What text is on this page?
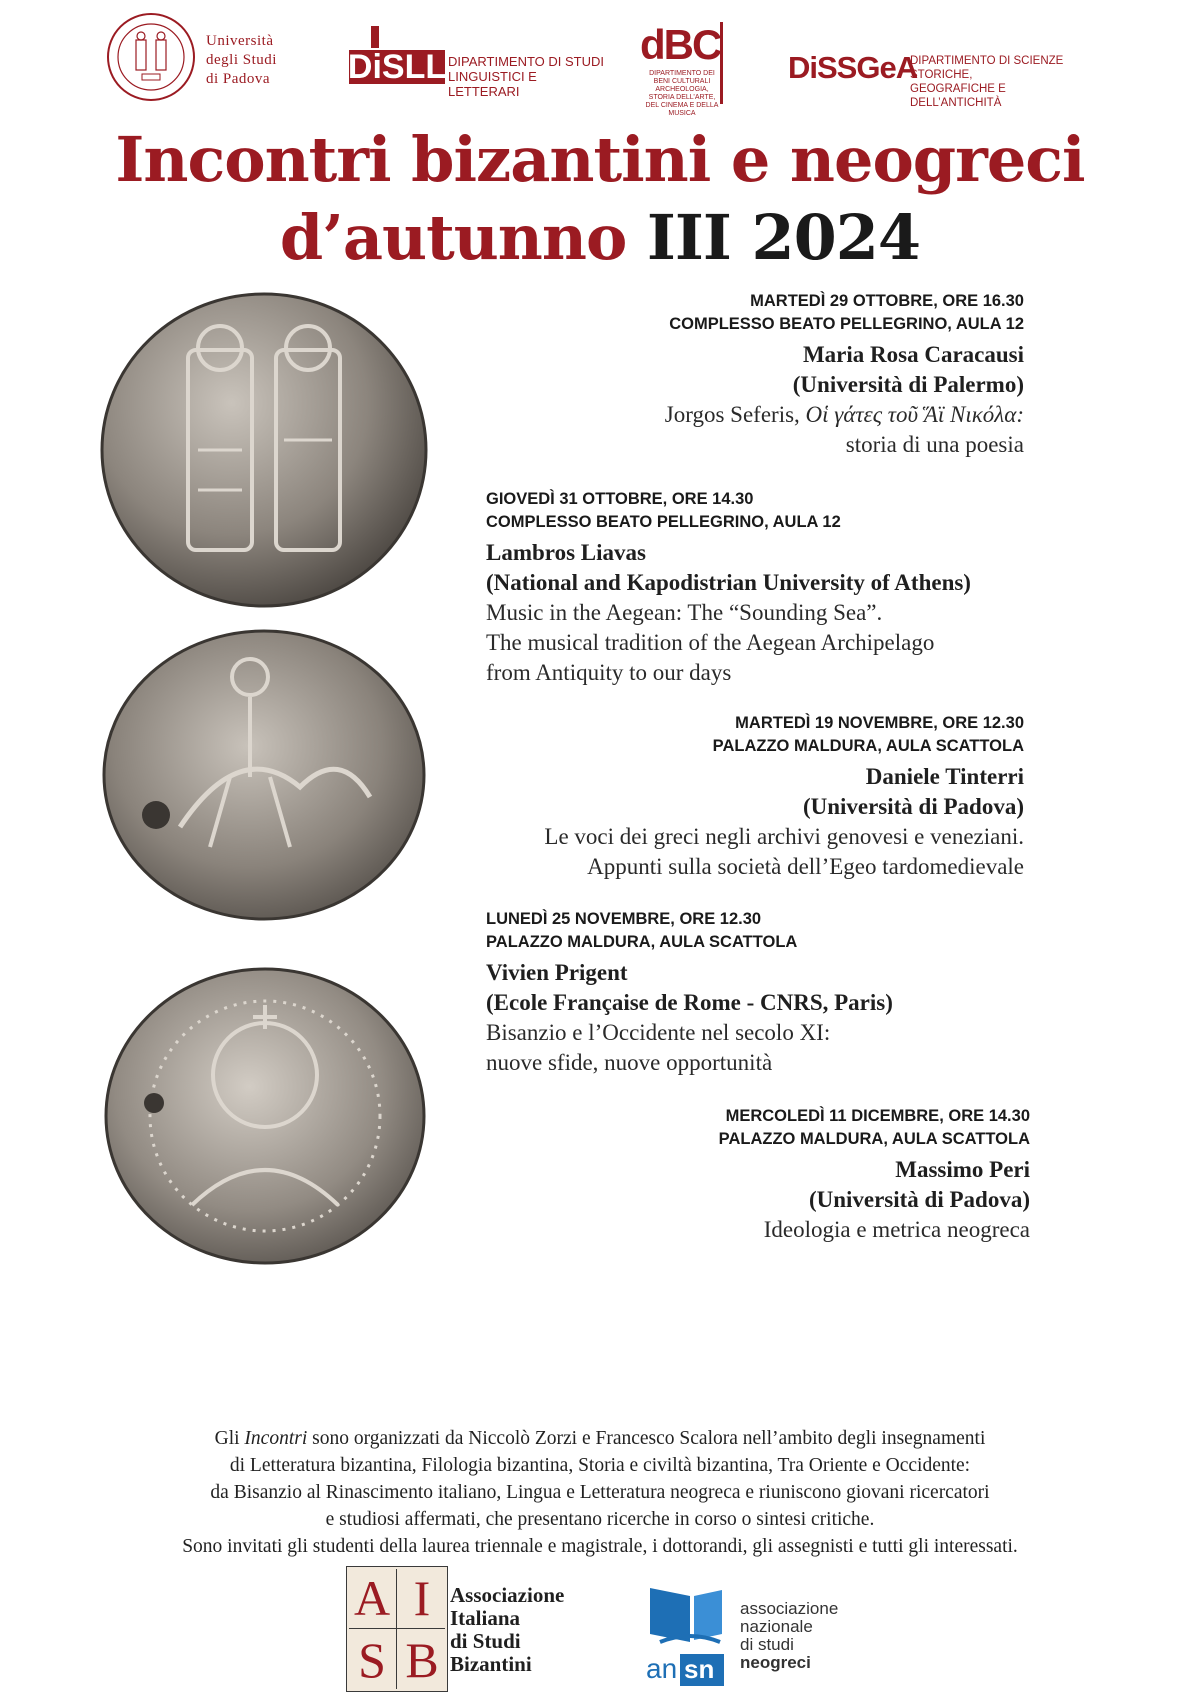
Università
degli Studi
di Padova	DiSLL DIPARTIMENTO DI STUDI
LINGUISTICI E LETTERARI
dBC
DIPARTIMENTO DEI BENI CULTURALI ARCHEOLOGIA, STORIA DELL’ARTE, DEL CINEMA E DELLA MUSICA
DiSSGeA
DIPARTIMENTO DI SCIENZE STORICHE,
GEOGRAFICHE E DELL’ANTICHITÀ
Incontri bizantini e neogreci
d’autunno III 2024
MARTEDÌ 29 OTTOBRE, ORE 16.30
COMPLESSO BEATO PELLEGRINO, AULA 12
Maria Rosa Caracausi
(Università di Palermo)
Jorgos Seferis, Οἱ γάτες τοῦ Ἅϊ Νικόλα:
storia di una poesia
GIOVEDÌ 31 OTTOBRE, ORE 14.30
COMPLESSO BEATO PELLEGRINO, AULA 12
Lambros Liavas
(National and Kapodistrian University of Athens)
Music in the Aegean: The “Sounding Sea”.
The musical tradition of the Aegean Archipelago
from Antiquity to our days
MARTEDÌ 19 NOVEMBRE, ORE 12.30
PALAZZO MALDURA, AULA SCATTOLA
Daniele Tinterri
(Università di Padova)
Le voci dei greci negli archivi genovesi e veneziani.
Appunti sulla società dell’Egeo tardomedievale
LUNEDÌ 25 NOVEMBRE, ORE 12.30
PALAZZO MALDURA, AULA SCATTOLA
Vivien Prigent
(Ecole Française de Rome - CNRS, Paris)
Bisanzio e l’Occidente nel secolo XI:
nuove sfide, nuove opportunità
MERCOLEDÌ 11 DICEMBRE, ORE 14.30
PALAZZO MALDURA, AULA SCATTOLA
Massimo Peri
(Università di Padova)
Ideologia e metrica neogreca
Gli Incontri sono organizzati da Niccolò Zorzi e Francesco Scalora nell’ambito degli insegnamenti
di Letteratura bizantina, Filologia bizantina, Storia e civiltà bizantina, Tra Oriente e Occidente:
da Bisanzio al Rinascimento italiano, Lingua e Letteratura neogreca e riuniscono giovani ricercatori
e studiosi affermati, che presentano ricerche in corso o sintesi critiche.
Sono invitati gli studenti della laurea triennale e magistrale, i dottorandi, gli assegnisti e tutti gli interessati.
A I
S B
Associazione
Italiana
di Studi
Bizantini	an sn
associazione
nazionale
di studi
neogreci
